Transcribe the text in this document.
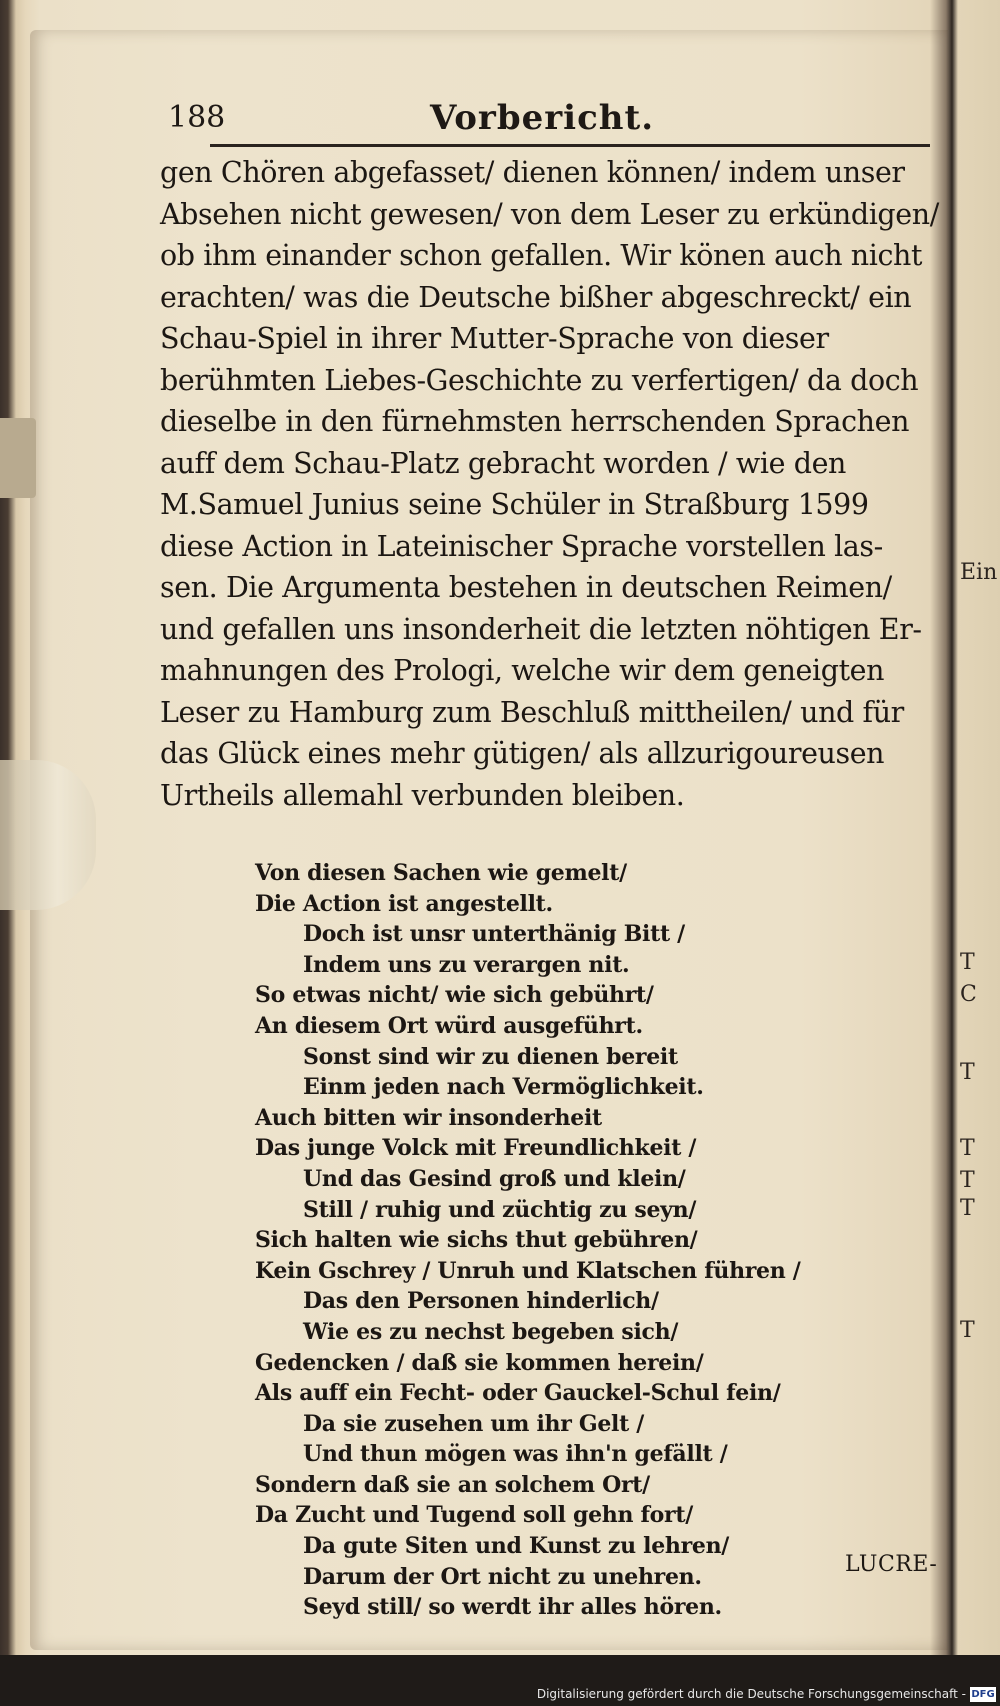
188	Vorbericht.
gen Chören abgefasset/ dienen können/ indem unser
Absehen nicht gewesen/ von dem Leser zu erkündigen/
ob ihm einander schon gefallen. Wir könen auch nicht
erachten/ was die Deutsche bißher abgeschreckt/ ein
Schau-Spiel in ihrer Mutter-Sprache von dieser
berühmten Liebes-Geschichte zu verfertigen/ da doch
dieselbe in den fürnehmsten herrschenden Sprachen
auff dem Schau-Platz gebracht worden / wie den
M.Samuel Junius seine Schüler in Straßburg 1599
diese Action in Lateinischer Sprache vorstellen las-
sen. Die Argumenta bestehen in deutschen Reimen/
und gefallen uns insonderheit die letzten nöhtigen Er-
mahnungen des Prologi, welche wir dem geneigten
Leser zu Hamburg zum Beschluß mittheilen/ und für
das Glück eines mehr gütigen/ als allzurigoureusen
Urtheils allemahl verbunden bleiben.
Von diesen Sachen wie gemelt/
Die Action ist angestellt.
Doch ist unsr unterthänig Bitt /
Indem uns zu verargen nit.
So etwas nicht/ wie sich gebührt/
An diesem Ort würd ausgeführt.
Sonst sind wir zu dienen bereit
Einm jeden nach Vermöglichkeit.
Auch bitten wir insonderheit
Das junge Volck mit Freundlichkeit /
Und das Gesind groß und klein/
Still / ruhig und züchtig zu seyn/
Sich halten wie sichs thut gebühren/
Kein Gschrey / Unruh und Klatschen führen /
Das den Personen hinderlich/
Wie es zu nechst begeben sich/
Gedencken / daß sie kommen herein/
Als auff ein Fecht- oder Gauckel-Schul fein/
Da sie zusehen um ihr Gelt /
Und thun mögen was ihn'n gefällt /
Sondern daß sie an solchem Ort/
Da Zucht und Tugend soll gehn fort/
Da gute Siten und Kunst zu lehren/
Darum der Ort nicht zu unehren.
Seyd still/ so werdt ihr alles hören.
LUCRE-
Ein
T
C
T
T
T
T
T
Digitalisierung gefördert durch die Deutsche Forschungsgemeinschaft - DFG
